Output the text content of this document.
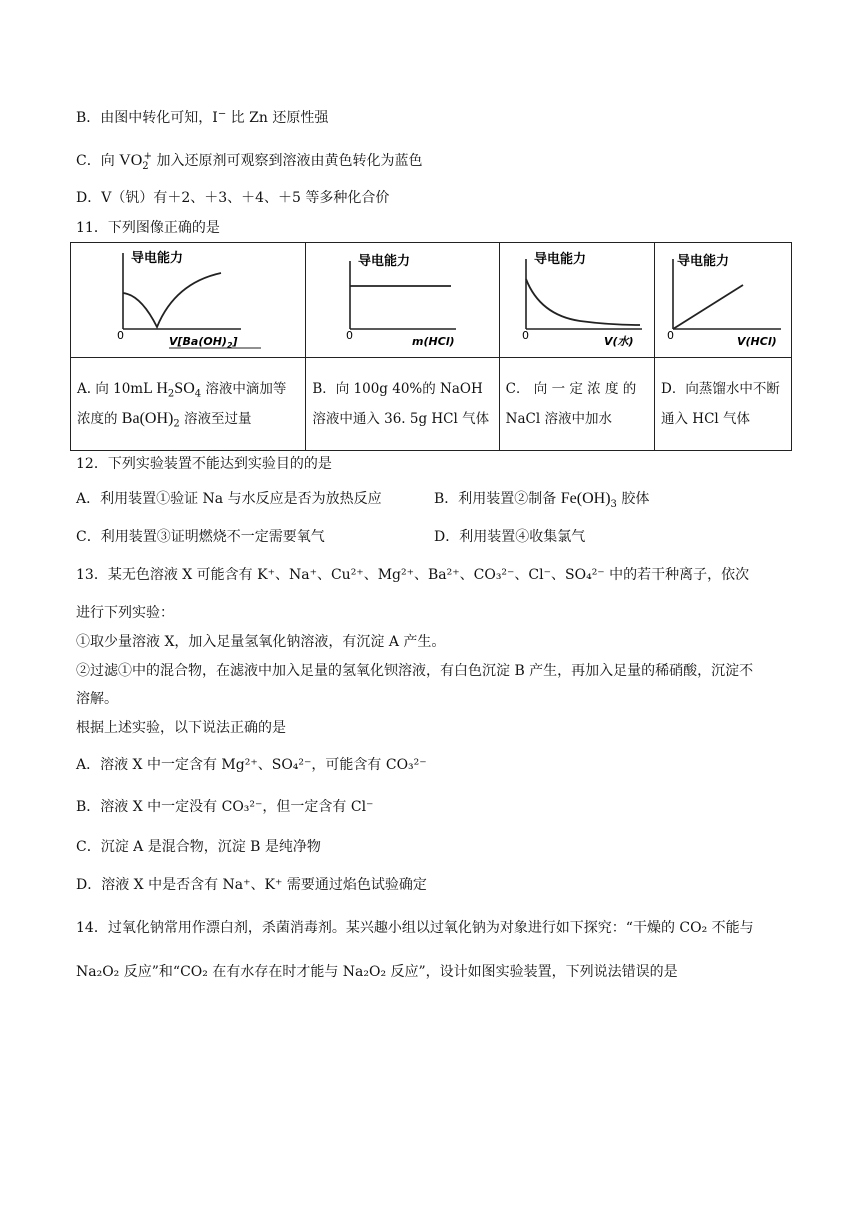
B．由图中转化可知，I− 比 Zn 还原性强
C．向 $VO_2^+$ 加入还原剂可观察到溶液由黄色转化为蓝色
D．V（钒）有＋2、＋3、＋4、＋5 等多种化合价
11．下列图像正确的是
导电能力
0 $V[Ba(OH)_2]$	导电能力
0 m(HCl)	导电能力
0 V(水)	导电能力
0 V(HCl)

A. 向 10mL $H_2SO_4$ 溶液中滴加等浓度的 $Ba(OH)_2$ 溶液至过量	B．向 100g 40%的 NaOH 溶液中通入 36. 5g HCl 气体	C． 向 一 定 浓 度 的 NaCl 溶液中加水	D．向蒸馏水中不断通入 HCl 气体
12．下列实验装置不能达到实验目的的是
A．利用装置①验证 Na 与水反应是否为放热反应	B．利用装置②制备 $Fe(OH)_3$ 胶体
C．利用装置③证明燃烧不一定需要氧气	D．利用装置④收集氯气
13．某无色溶液 X 可能含有 K⁺、Na⁺、Cu²⁺、Mg²⁺、Ba²⁺、CO₃²⁻、Cl⁻、SO₄²⁻ 中的若干种离子，依次
进行下列实验：
①取少量溶液 X，加入足量氢氧化钠溶液，有沉淀 A 产生。
②过滤①中的混合物，在滤液中加入足量的氢氧化钡溶液，有白色沉淀 B 产生，再加入足量的稀硝酸，沉淀不
溶解。
根据上述实验，以下说法正确的是
A．溶液 X 中一定含有 Mg²⁺、SO₄²⁻，可能含有 CO₃²⁻
B．溶液 X 中一定没有 CO₃²⁻，但一定含有 Cl⁻
C．沉淀 A 是混合物，沉淀 B 是纯净物
D．溶液 X 中是否含有 Na⁺、K⁺ 需要通过焰色试验确定
14．过氧化钠常用作漂白剂，杀菌消毒剂。某兴趣小组以过氧化钠为对象进行如下探究：“干燥的 CO₂ 不能与
Na₂O₂ 反应”和“CO₂ 在有水存在时才能与 Na₂O₂ 反应”，设计如图实验装置，下列说法错误的是
